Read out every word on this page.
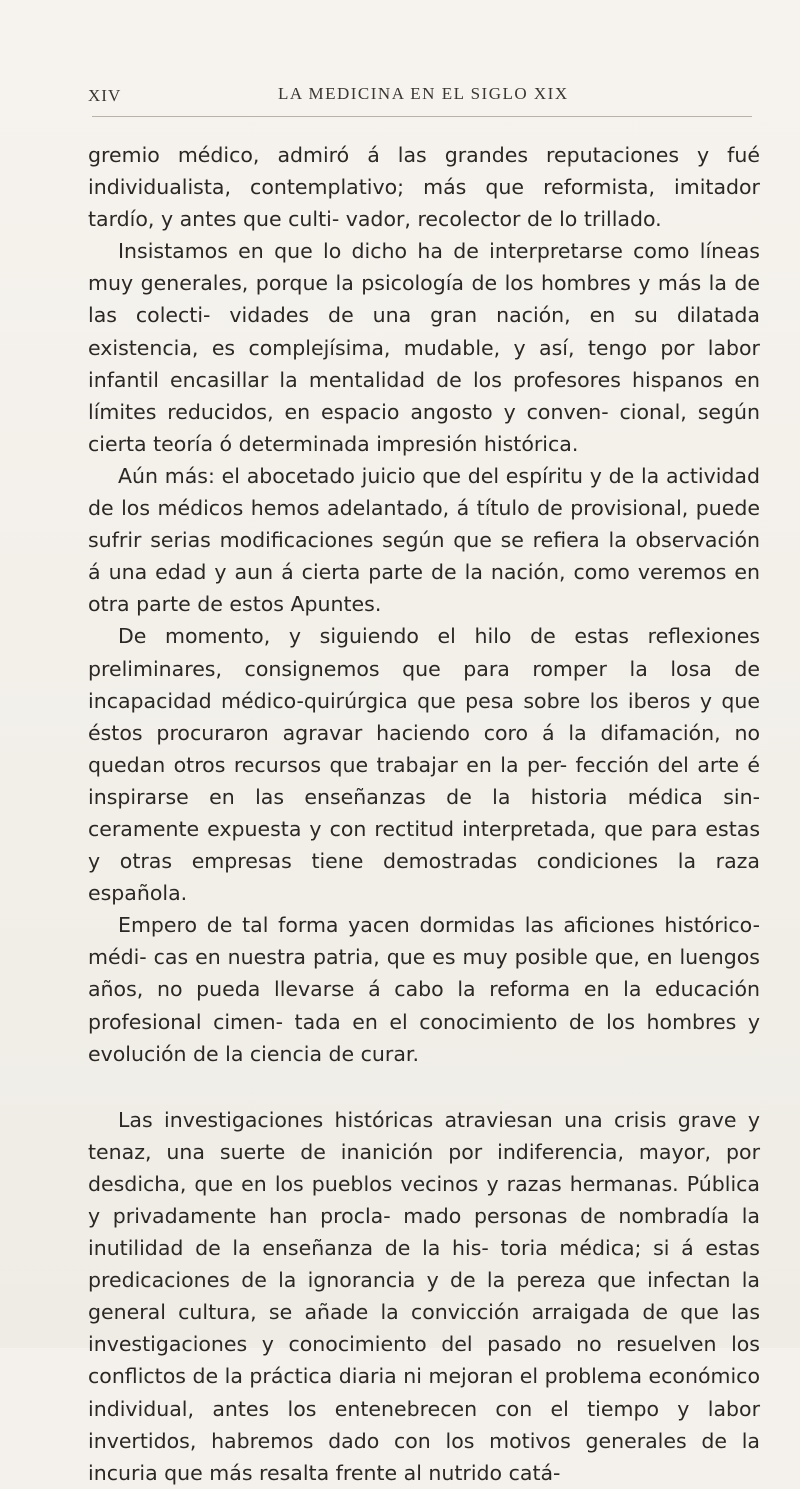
XIV	LA MEDICINA EN EL SIGLO XIX

gremio médico, admiró á las grandes reputaciones y fué individualista, contemplativo; más que reformista, imitador tardío, y antes que culti- vador, recolector de lo trillado.

Insistamos en que lo dicho ha de interpretarse como líneas muy generales, porque la psicología de los hombres y más la de las colecti- vidades de una gran nación, en su dilatada existencia, es complejísima, mudable, y así, tengo por labor infantil encasillar la mentalidad de los profesores hispanos en límites reducidos, en espacio angosto y conven- cional, según cierta teoría ó determinada impresión histórica.

Aún más: el abocetado juicio que del espíritu y de la actividad de los médicos hemos adelantado, á título de provisional, puede sufrir serias modificaciones según que se refiera la observación á una edad y aun á cierta parte de la nación, como veremos en otra parte de estos Apuntes.

De momento, y siguiendo el hilo de estas reflexiones preliminares, consignemos que para romper la losa de incapacidad médico-quirúrgica que pesa sobre los iberos y que éstos procuraron agravar haciendo coro á la difamación, no quedan otros recursos que trabajar en la per- fección del arte é inspirarse en las enseñanzas de la historia médica sin- ceramente expuesta y con rectitud interpretada, que para estas y otras empresas tiene demostradas condiciones la raza española.

Empero de tal forma yacen dormidas las aficiones histórico-médi- cas en nuestra patria, que es muy posible que, en luengos años, no pueda llevarse á cabo la reforma en la educación profesional cimen- tada en el conocimiento de los hombres y evolución de la ciencia de curar.

Las investigaciones históricas atraviesan una crisis grave y tenaz, una suerte de inanición por indiferencia, mayor, por desdicha, que en los pueblos vecinos y razas hermanas. Pública y privadamente han procla- mado personas de nombradía la inutilidad de la enseñanza de la his- toria médica; si á estas predicaciones de la ignorancia y de la pereza que infectan la general cultura, se añade la convicción arraigada de que las investigaciones y conocimiento del pasado no resuelven los conflictos de la práctica diaria ni mejoran el problema económico individual, antes los entenebrecen con el tiempo y labor invertidos, habremos dado con los motivos generales de la incuria que más resalta frente al nutrido catá-
